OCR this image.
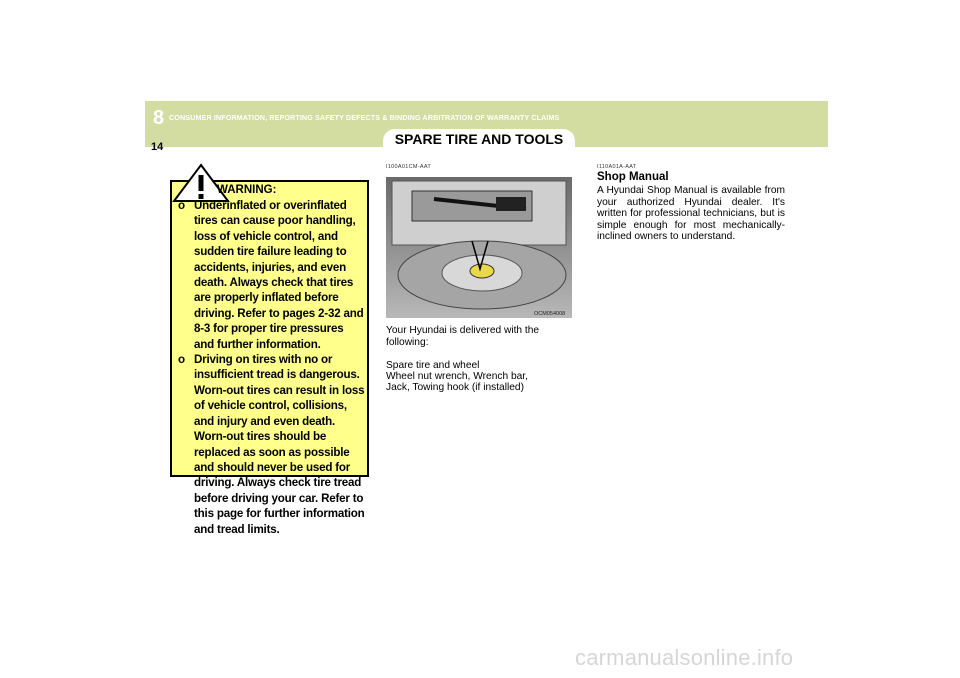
8 CONSUMER INFORMATION, REPORTING SAFETY DEFECTS & BINDING ARBITRATION OF WARRANTY CLAIMS
14	SPARE TIRE AND TOOLS
WARNING:
o Underinflated or overinflated tires can cause poor handling, loss of vehicle control, and sudden tire failure leading to accidents, injuries, and even death. Always check that tires are properly inflated before driving. Refer to pages 2-32 and 8-3 for proper tire pressures and further information.
o Driving on tires with no or insufficient tread is dangerous. Worn-out tires can result in loss of vehicle control, collisions, and injury and even death. Worn-out tires should be replaced as soon as possible and should never be used for driving. Always check tire tread before driving your car. Refer to this page for further information and tread limits.
I100A01CM-AAT
OCM054008
Your Hyundai is delivered with the following:
Spare tire and wheel
Wheel nut wrench, Wrench bar,
Jack, Towing hook (if installed)
I110A01A-AAT
Shop Manual
A Hyundai Shop Manual is available from your authorized Hyundai dealer. It's written for professional technicians, but is simple enough for most mechanically-inclined owners to understand.
carmanualsonline.info
